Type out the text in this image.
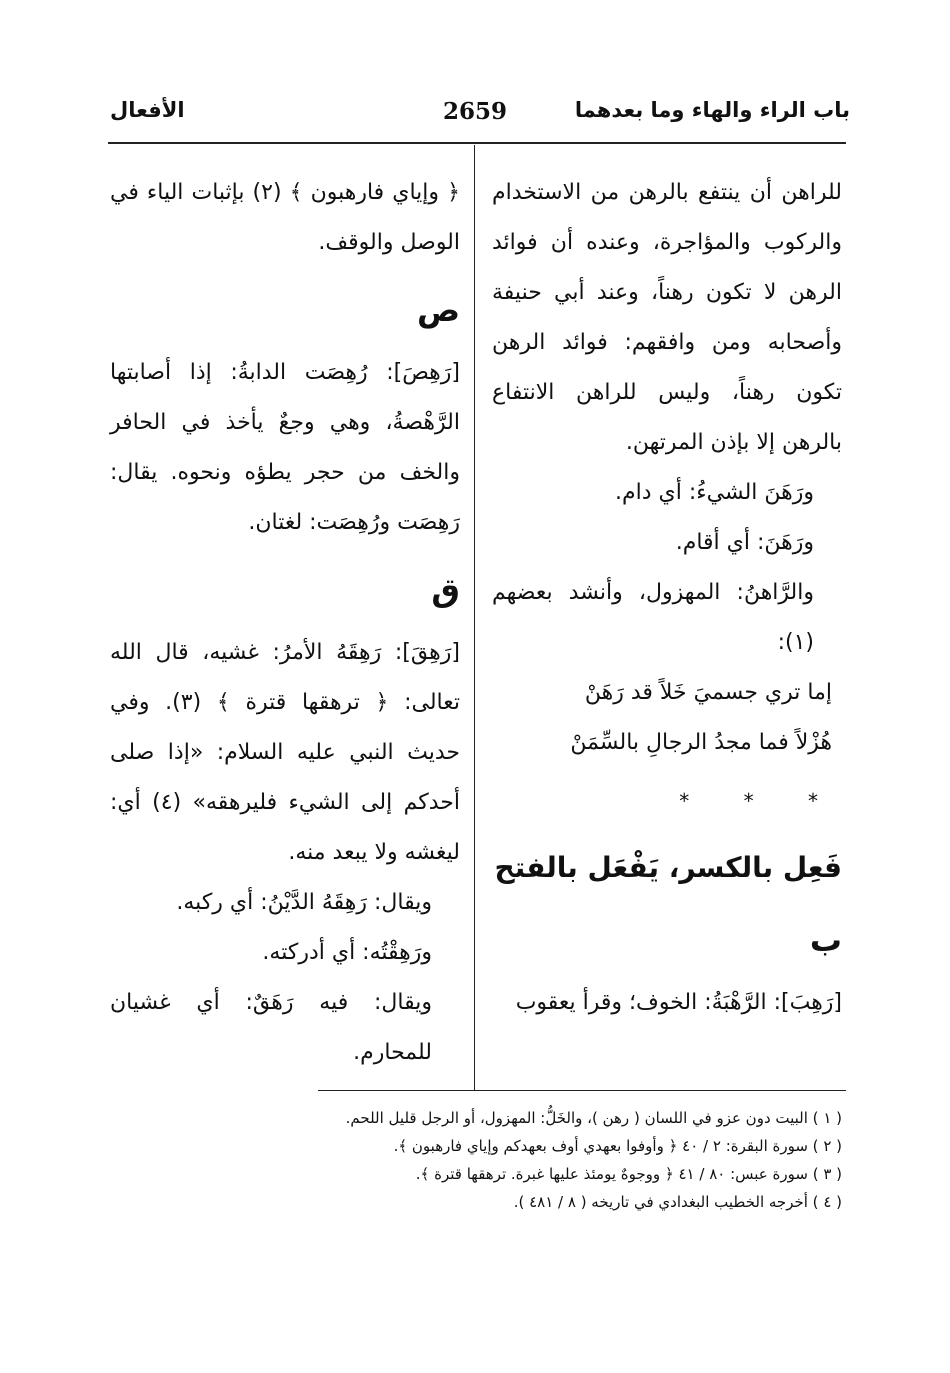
باب الراء والهاء وما بعدهما
2659
الأفعال

للراهن أن ينتفع بالرهن من الاستخدام والركوب والمؤاجرة، وعنده أن فوائد الرهن لا تكون رهناً، وعند أبي حنيفة وأصحابه ومن وافقهم: فوائد الرهن تكون رهناً، وليس للراهن الانتفاع بالرهن إلا بإذن المرتهن.

ورَهَنَ الشيءُ: أي دام.

ورَهَنَ: أي أقام.

والرَّاهنُ: المهزول، وأنشد بعضهم (١):

إما تري جسميَ خَلاً قد رَهَنْ

هُزْلاً فما مجدُ الرجالِ بالسِّمَنْ

* * *
فَعِل بالكسر، يَفْعَل بالفتح
ب

[رَهِبَ]: الرَّهْبَةُ: الخوف؛ وقرأ يعقوب

﴿ وإياي فارهبون ﴾ (٢) بإثبات الياء في الوصل والوقف.

ص

[رَهِصَ]: رُهِصَت الدابةُ: إذا أصابتها الرَّهْصةُ، وهي وجعٌ يأخذ في الحافر والخف من حجر يطؤه ونحوه. يقال: رَهِصَت ورُهِصَت: لغتان.

ق

[رَهِقَ]: رَهِقَهُ الأمرُ: غشيه، قال الله تعالى: ﴿ ترهقها قترة ﴾ (٣). وفي حديث النبي عليه السلام: «إذا صلى أحدكم إلى الشيء فليرهقه» (٤) أي: ليغشه ولا يبعد منه.

ويقال: رَهِقَهُ الدَّيْنُ: أي ركبه.

ورَهِقْتُه: أي أدركته.

ويقال: فيه رَهَقٌ: أي غشيان للمحارم.

( ١ ) البيت دون عزو في اللسان ( رهن )، والخَلُّ: المهزول، أو الرجل قليل اللحم.

( ٢ ) سورة البقرة: ٢ / ٤٠ ﴿ وأوفوا بعهدي أوف بعهدكم وإياي فارهبون ﴾.

( ٣ ) سورة عبس: ٨٠ / ٤١ ﴿ ووجوهٌ يومئذ عليها غبرة. ترهقها قترة ﴾.

( ٤ ) أخرجه الخطيب البغدادي في تاريخه ( ٨ / ٤٨١ ).
